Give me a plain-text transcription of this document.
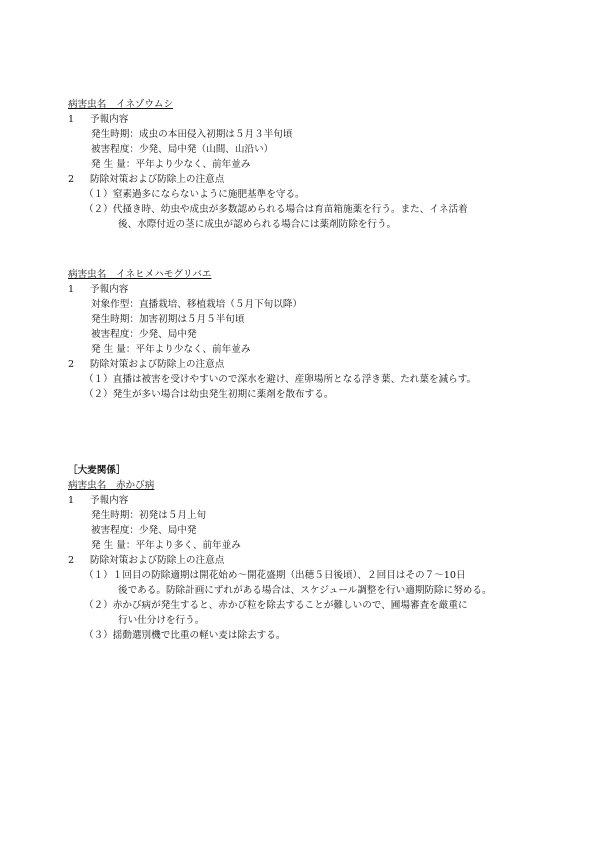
病害虫名　イネゾウムシ
1 予報内容
発生時期：成虫の本田侵入初期は５月３半旬頃
被害程度：少発、局中発（山間、山沿い）
発 生 量：平年より少なく、前年並み
2 防除対策および防除上の注意点
（１） 窒素過多にならないように施肥基準を守る。
（２） 代掻き時、幼虫や成虫が多数認められる場合は育苗箱施薬を行う。また、イネ活着
後、水際付近の茎に成虫が認められる場合には薬剤防除を行う。
病害虫名　イネヒメハモグリバエ
1 予報内容
対象作型：直播栽培、移植栽培（５月下旬以降）
発生時期：加害初期は５月５半旬頃
被害程度：少発、局中発
発 生 量：平年より少なく、前年並み
2 防除対策および防除上の注意点
（１） 直播は被害を受けやすいので深水を避け、産卵場所となる浮き葉、たれ葉を減らす。
（２） 発生が多い場合は幼虫発生初期に薬剤を散布する。
［大麦関係］
病害虫名　赤かび病
1 予報内容
発生時期：初発は５月上旬
被害程度：少発、局中発
発 生 量：平年より多く、前年並み
2 防除対策および防除上の注意点
（１） １回目の防除適期は開花始め～開花盛期（出穂５日後頃）、２回目はその７～10日
後である。防除計画にずれがある場合は、スケジュール調整を行い適期防除に努める。
（２） 赤かび病が発生すると、赤かび粒を除去することが難しいので、圃場審査を厳重に
行い仕分けを行う。
（３） 揺動選別機で比重の軽い麦は除去する。
